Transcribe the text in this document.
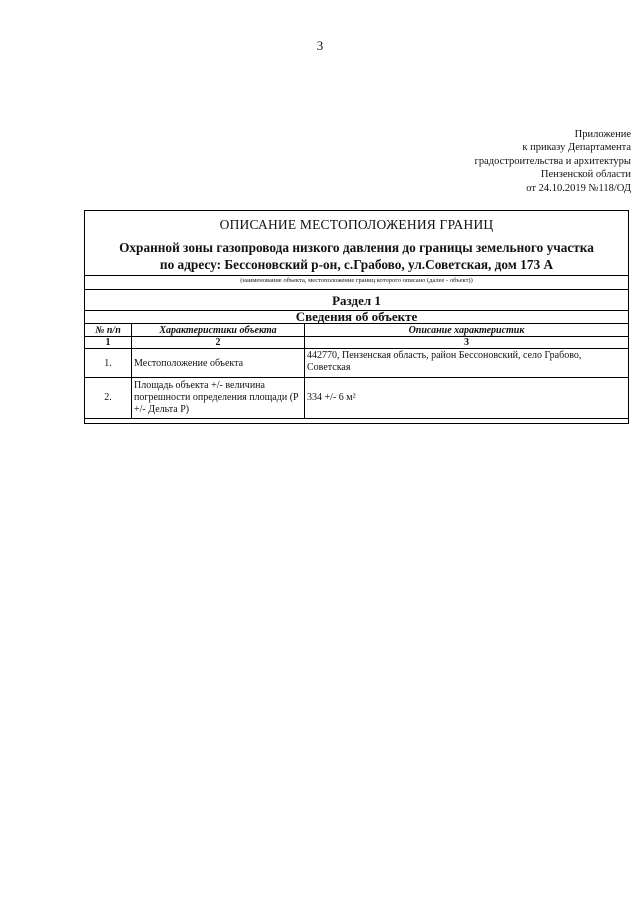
3
Приложение
к приказу Департамента
градостроительства и архитектуры
Пензенской области
от 24.10.2019 №118/ОД
ОПИСАНИЕ МЕСТОПОЛОЖЕНИЯ ГРАНИЦ
Охранной зоны газопровода низкого давления до границы земельного участка
по адресу: Бессоновский р-он, с.Грабово, ул.Советская, дом 173 А
(наименование объекта, местоположение границ которого описано (далее - объект))
Раздел 1
Сведения об объекте
№ п/п	Характеристики объекта	Описание характеристик
1	2	3
1.	Местоположение объекта	442770, Пензенская область, район Бессоновский, село Грабово, Советская
2.	Площадь объекта +/- величина погрешности определения площади (Р +/- Дельта Р)	334 +/- 6 м²
